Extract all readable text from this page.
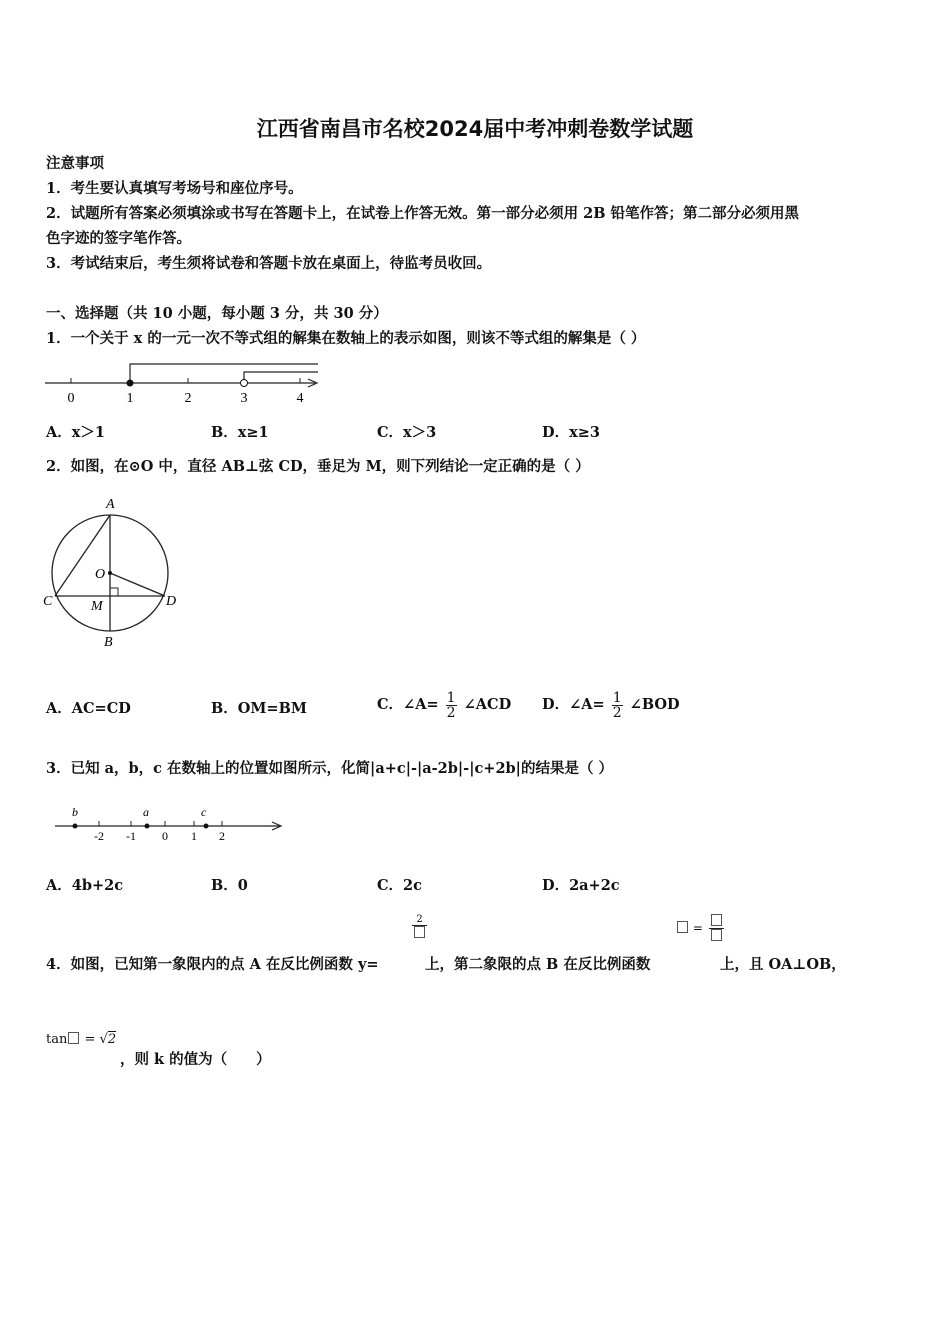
江西省南昌市名校2024届中考冲刺卷数学试题
注意事项
1．考生要认真填写考场号和座位序号。
2．试题所有答案必须填涂或书写在答题卡上，在试卷上作答无效。第一部分必须用 2B 铅笔作答；第二部分必须用黑
色字迹的签字笔作答。
3．考试结束后，考生须将试卷和答题卡放在桌面上，待监考员收回。
一、选择题（共 10 小题，每小题 3 分，共 30 分）
1．一个关于 x 的一元一次不等式组的解集在数轴上的表示如图，则该不等式组的解集是（ ）
0	1	2	3	4
A．x＞1	B．x≥1	C．x＞3	D．x≥3
2．如图，在⊙O 中，直径 AB⊥弦 CD，垂足为 M，则下列结论一定正确的是（ ）
A
B
C	D
O
M
A．AC=CD	B．OM=BM	C．∠A= $\frac{1}{2}$ ∠ACD D．∠A= $\frac{1}{2}$ ∠BOD
3．已知 a，b，c 在数轴上的位置如图所示，化简|a+c|-|a-2b|-|c+2b|的结果是（ ）
b	a	c
-2 -1 0 1 2
A．4b+2c	B．0	C．2c	D．2a+2c
2
=
4．如图，已知第一象限内的点 A 在反比例函数 y=	上，第二象限的点 B 在反比例函数	上，且 OA⊥OB，
tan = √2
，则 k 的值为（　　）
